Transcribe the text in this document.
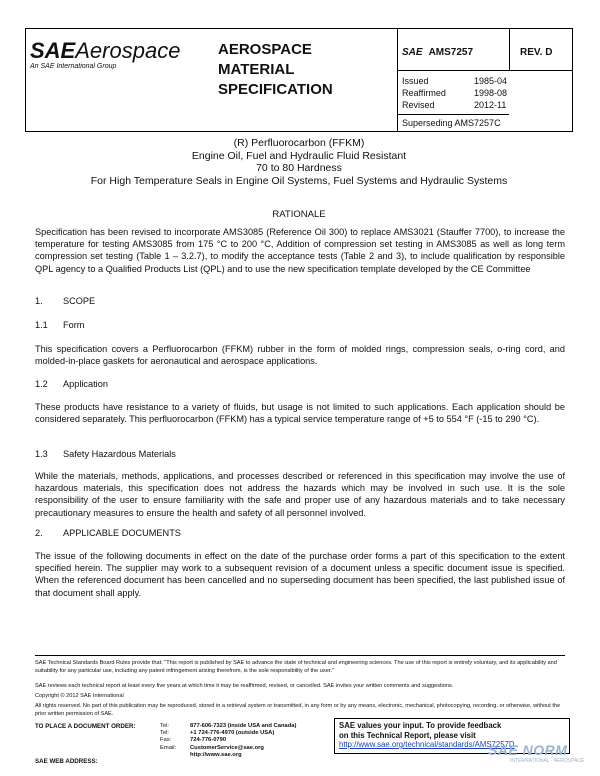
SAEAerospace
An SAE International Group
AEROSPACE
MATERIAL
SPECIFICATION
SAE AMS7257	REV. D
Issued	1985-04
Reaffirmed	1998-08
Revised	2012-11
Superseding AMS7257C
(R) Perfluorocarbon (FFKM)
Engine Oil, Fuel and Hydraulic Fluid Resistant
70 to 80 Hardness
For High Temperature Seals in Engine Oil Systems, Fuel Systems and Hydraulic Systems
RATIONALE
Specification has been revised to incorporate AMS3085 (Reference Oil 300) to replace AMS3021 (Stauffer 7700), to increase the temperature for testing AMS3085 from 175 °C to 200 °C, Addition of compression set testing in AMS3085 as well as long term compression set testing (Table 1 – 3.2.7), to modify the acceptance tests (Table 2 and 3), to include qualification by responsible QPL agency to a Qualified Products List (QPL) and to use the new specification template developed by the CE Committee
1. SCOPE
1.1 Form
This specification covers a Perfluorocarbon (FFKM) rubber in the form of molded rings, compression seals, o-ring cord, and molded-in-place gaskets for aeronautical and aerospace applications.
1.2 Application
These products have resistance to a variety of fluids, but usage is not limited to such applications. Each application should be considered separately. This perfluorocarbon (FFKM) has a typical service temperature range of +5 to 554 °F (-15 to 290 °C).
1.3 Safety Hazardous Materials
While the materials, methods, applications, and processes described or referenced in this specification may involve the use of hazardous materials, this specification does not address the hazards which may be involved in such use. It is the sole responsibility of the user to ensure familiarity with the safe and proper use of any hazardous materials and to take necessary precautionary measures to ensure the health and safety of all personnel involved.
2. APPLICABLE DOCUMENTS
The issue of the following documents in effect on the date of the purchase order forms a part of this specification to the extent specified herein. The supplier may work to a subsequent revision of a document unless a specific document issue is specified. When the referenced document has been cancelled and no superseding document has been specified, the last published issue of that document shall apply.
SAE Technical Standards Board Rules provide that: "This report is published by SAE to advance the state of technical and engineering sciences. The use of this report is entirely voluntary, and its applicability and suitability for any particular use, including any patent infringement arising therefrom, is the sole responsibility of the user."
SAE reviews each technical report at least every five years at which time it may be reaffirmed, revised, or cancelled. SAE invites your written comments and suggestions.
Copyright © 2012 SAE International
All rights reserved. No part of this publication may be reproduced, stored in a retrieval system or transmitted, in any form or by any means, electronic, mechanical, photocopying, recording, or otherwise, without the prior written permission of SAE.
TO PLACE A DOCUMENT ORDER:
SAE WEB ADDRESS:
Tel:	877-606-7323 (inside USA and Canada)
Tel:	+1 724-776-4970 (outside USA)
Fax:	724-776-0790
Email:	CustomerService@sae.org
http://www.sae.org
SAE values your input. To provide feedback
on this Technical Report, please visit
http://www.sae.org/technical/standards/AMS7257D
SAE NORM
INTERNATIONAL · AEROSPACE
